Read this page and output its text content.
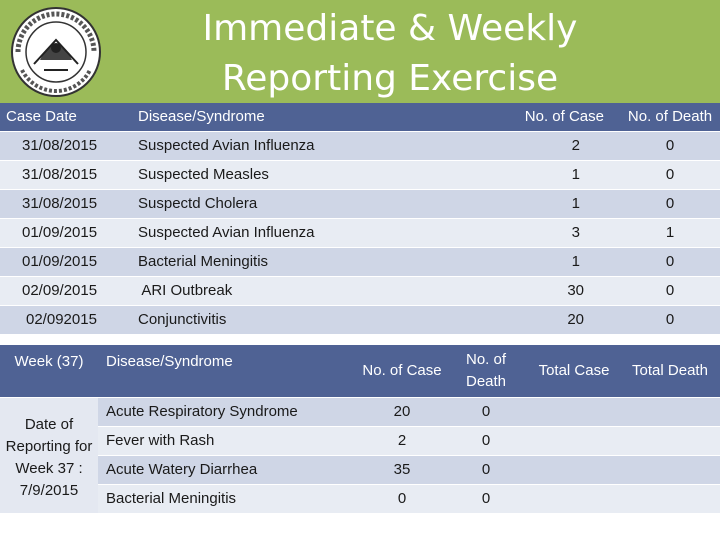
Immediate & Weekly Reporting Exercise
Case Date	Disease/Syndrome	No. of Case	No. of Death
31/08/2015	Suspected Avian Influenza	2	0
31/08/2015	Suspected Measles	1	0
31/08/2015	Suspectd Cholera	1	0
01/09/2015	Suspected Avian Influenza	3	1
01/09/2015	Bacterial Meningitis	1	0
02/09/2015	ARI Outbreak	30	0
02/092015	Conjunctivitis	20	0
Week (37)	Disease/Syndrome	No. of Case	No. of Death	Total Case	Total Death
Date of Reporting for Week 37 : 7/9/2015	Acute Respiratory Syndrome	20	0		
	Fever with Rash	2	0		
	Acute Watery Diarrhea	35	0		
	Bacterial Meningitis	0	0		
